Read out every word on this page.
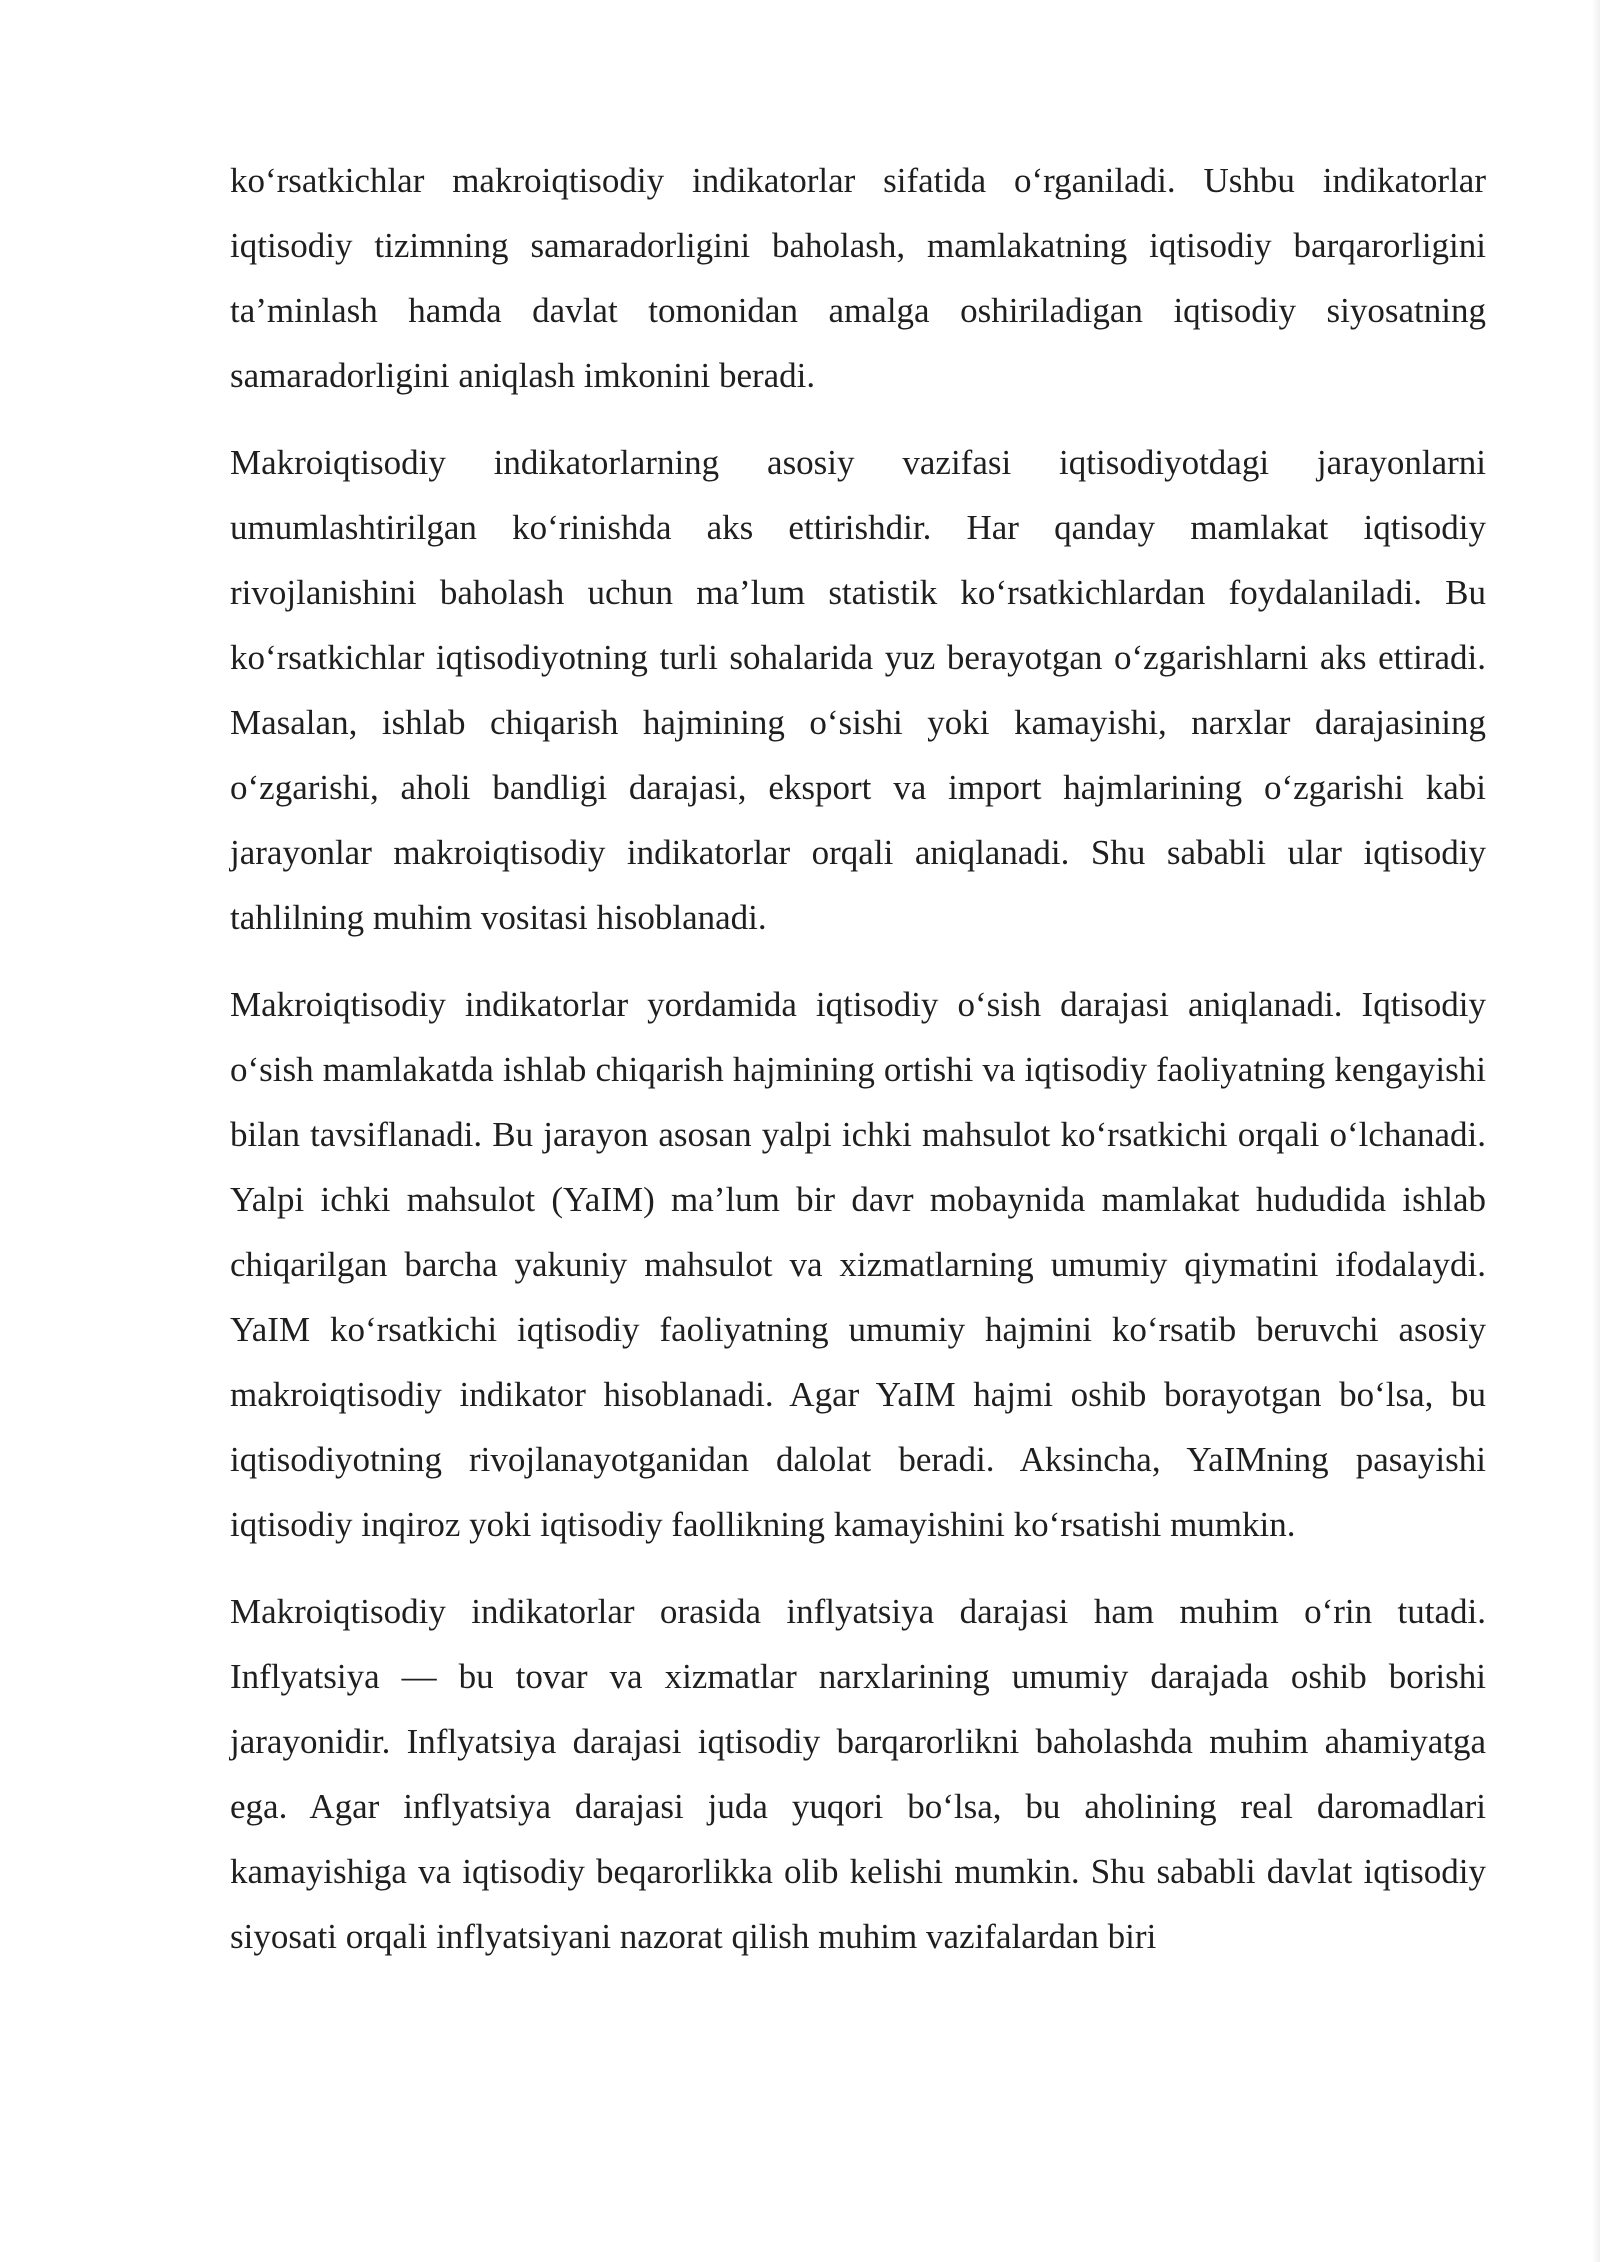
ko‘rsatkichlar makroiqtisodiy indikatorlar sifatida o‘rganiladi. Ushbu indikatorlar iqtisodiy tizimning samaradorligini baholash, mamlakatning iqtisodiy barqarorligini ta’minlash hamda davlat tomonidan amalga oshiriladigan iqtisodiy siyosatning samaradorligini aniqlash imkonini beradi.

Makroiqtisodiy indikatorlarning asosiy vazifasi iqtisodiyotdagi jarayonlarni umumlashtirilgan ko‘rinishda aks ettirishdir. Har qanday mamlakat iqtisodiy rivojlanishini baholash uchun ma’lum statistik ko‘rsatkichlardan foydalaniladi. Bu ko‘rsatkichlar iqtisodiyotning turli sohalarida yuz berayotgan o‘zgarishlarni aks ettiradi. Masalan, ishlab chiqarish hajmining o‘sishi yoki kamayishi, narxlar darajasining o‘zgarishi, aholi bandligi darajasi, eksport va import hajmlarining o‘zgarishi kabi jarayonlar makroiqtisodiy indikatorlar orqali aniqlanadi. Shu sababli ular iqtisodiy tahlilning muhim vositasi hisoblanadi.

Makroiqtisodiy indikatorlar yordamida iqtisodiy o‘sish darajasi aniqlanadi. Iqtisodiy o‘sish mamlakatda ishlab chiqarish hajmining ortishi va iqtisodiy faoliyatning kengayishi bilan tavsiflanadi. Bu jarayon asosan yalpi ichki mahsulot ko‘rsatkichi orqali o‘lchanadi. Yalpi ichki mahsulot (YaIM) ma’lum bir davr mobaynida mamlakat hududida ishlab chiqarilgan barcha yakuniy mahsulot va xizmatlarning umumiy qiymatini ifodalaydi. YaIM ko‘rsatkichi iqtisodiy faoliyatning umumiy hajmini ko‘rsatib beruvchi asosiy makroiqtisodiy indikator hisoblanadi. Agar YaIM hajmi oshib borayotgan bo‘lsa, bu iqtisodiyotning rivojlanayotganidan dalolat beradi. Aksincha, YaIMning pasayishi iqtisodiy inqiroz yoki iqtisodiy faollikning kamayishini ko‘rsatishi mumkin.

Makroiqtisodiy indikatorlar orasida inflyatsiya darajasi ham muhim o‘rin tutadi. Inflyatsiya — bu tovar va xizmatlar narxlarining umumiy darajada oshib borishi jarayonidir. Inflyatsiya darajasi iqtisodiy barqarorlikni baholashda muhim ahamiyatga ega. Agar inflyatsiya darajasi juda yuqori bo‘lsa, bu aholining real daromadlari kamayishiga va iqtisodiy beqarorlikka olib kelishi mumkin. Shu sababli davlat iqtisodiy siyosati orqali inflyatsiyani nazorat qilish muhim vazifalardan biri
